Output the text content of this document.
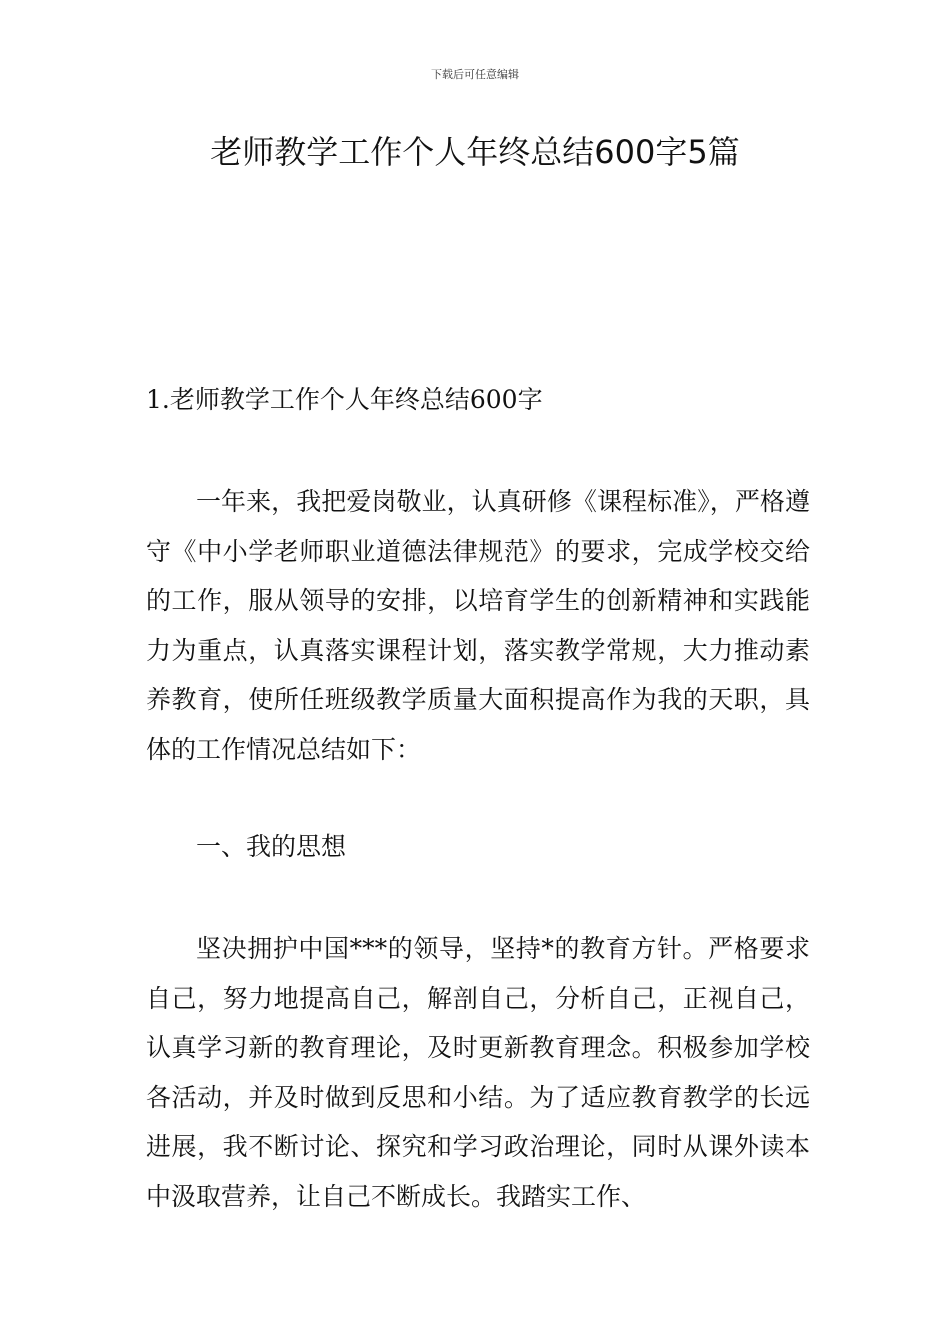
下载后可任意编辑
老师教学工作个人年终总结600字5篇

1.老师教学工作个人年终总结600字

一年来，我把爱岗敬业，认真研修《课程标准》，严格遵守《中小学老师职业道德法律规范》的要求，完成学校交给的工作，服从领导的安排，以培育学生的创新精神和实践能力为重点，认真落实课程计划，落实教学常规，大力推动素养教育，使所任班级教学质量大面积提高作为我的天职，具体的工作情况总结如下：

一、我的思想

坚决拥护中国***的领导，坚持*的教育方针。严格要求自己，努力地提高自己，解剖自己，分析自己，正视自己，认真学习新的教育理论，及时更新教育理念。积极参加学校各活动，并及时做到反思和小结。为了适应教育教学的长远进展，我不断讨论、探究和学习政治理论，同时从课外读本中汲取营养，让自己不断成长。我踏实工作、
